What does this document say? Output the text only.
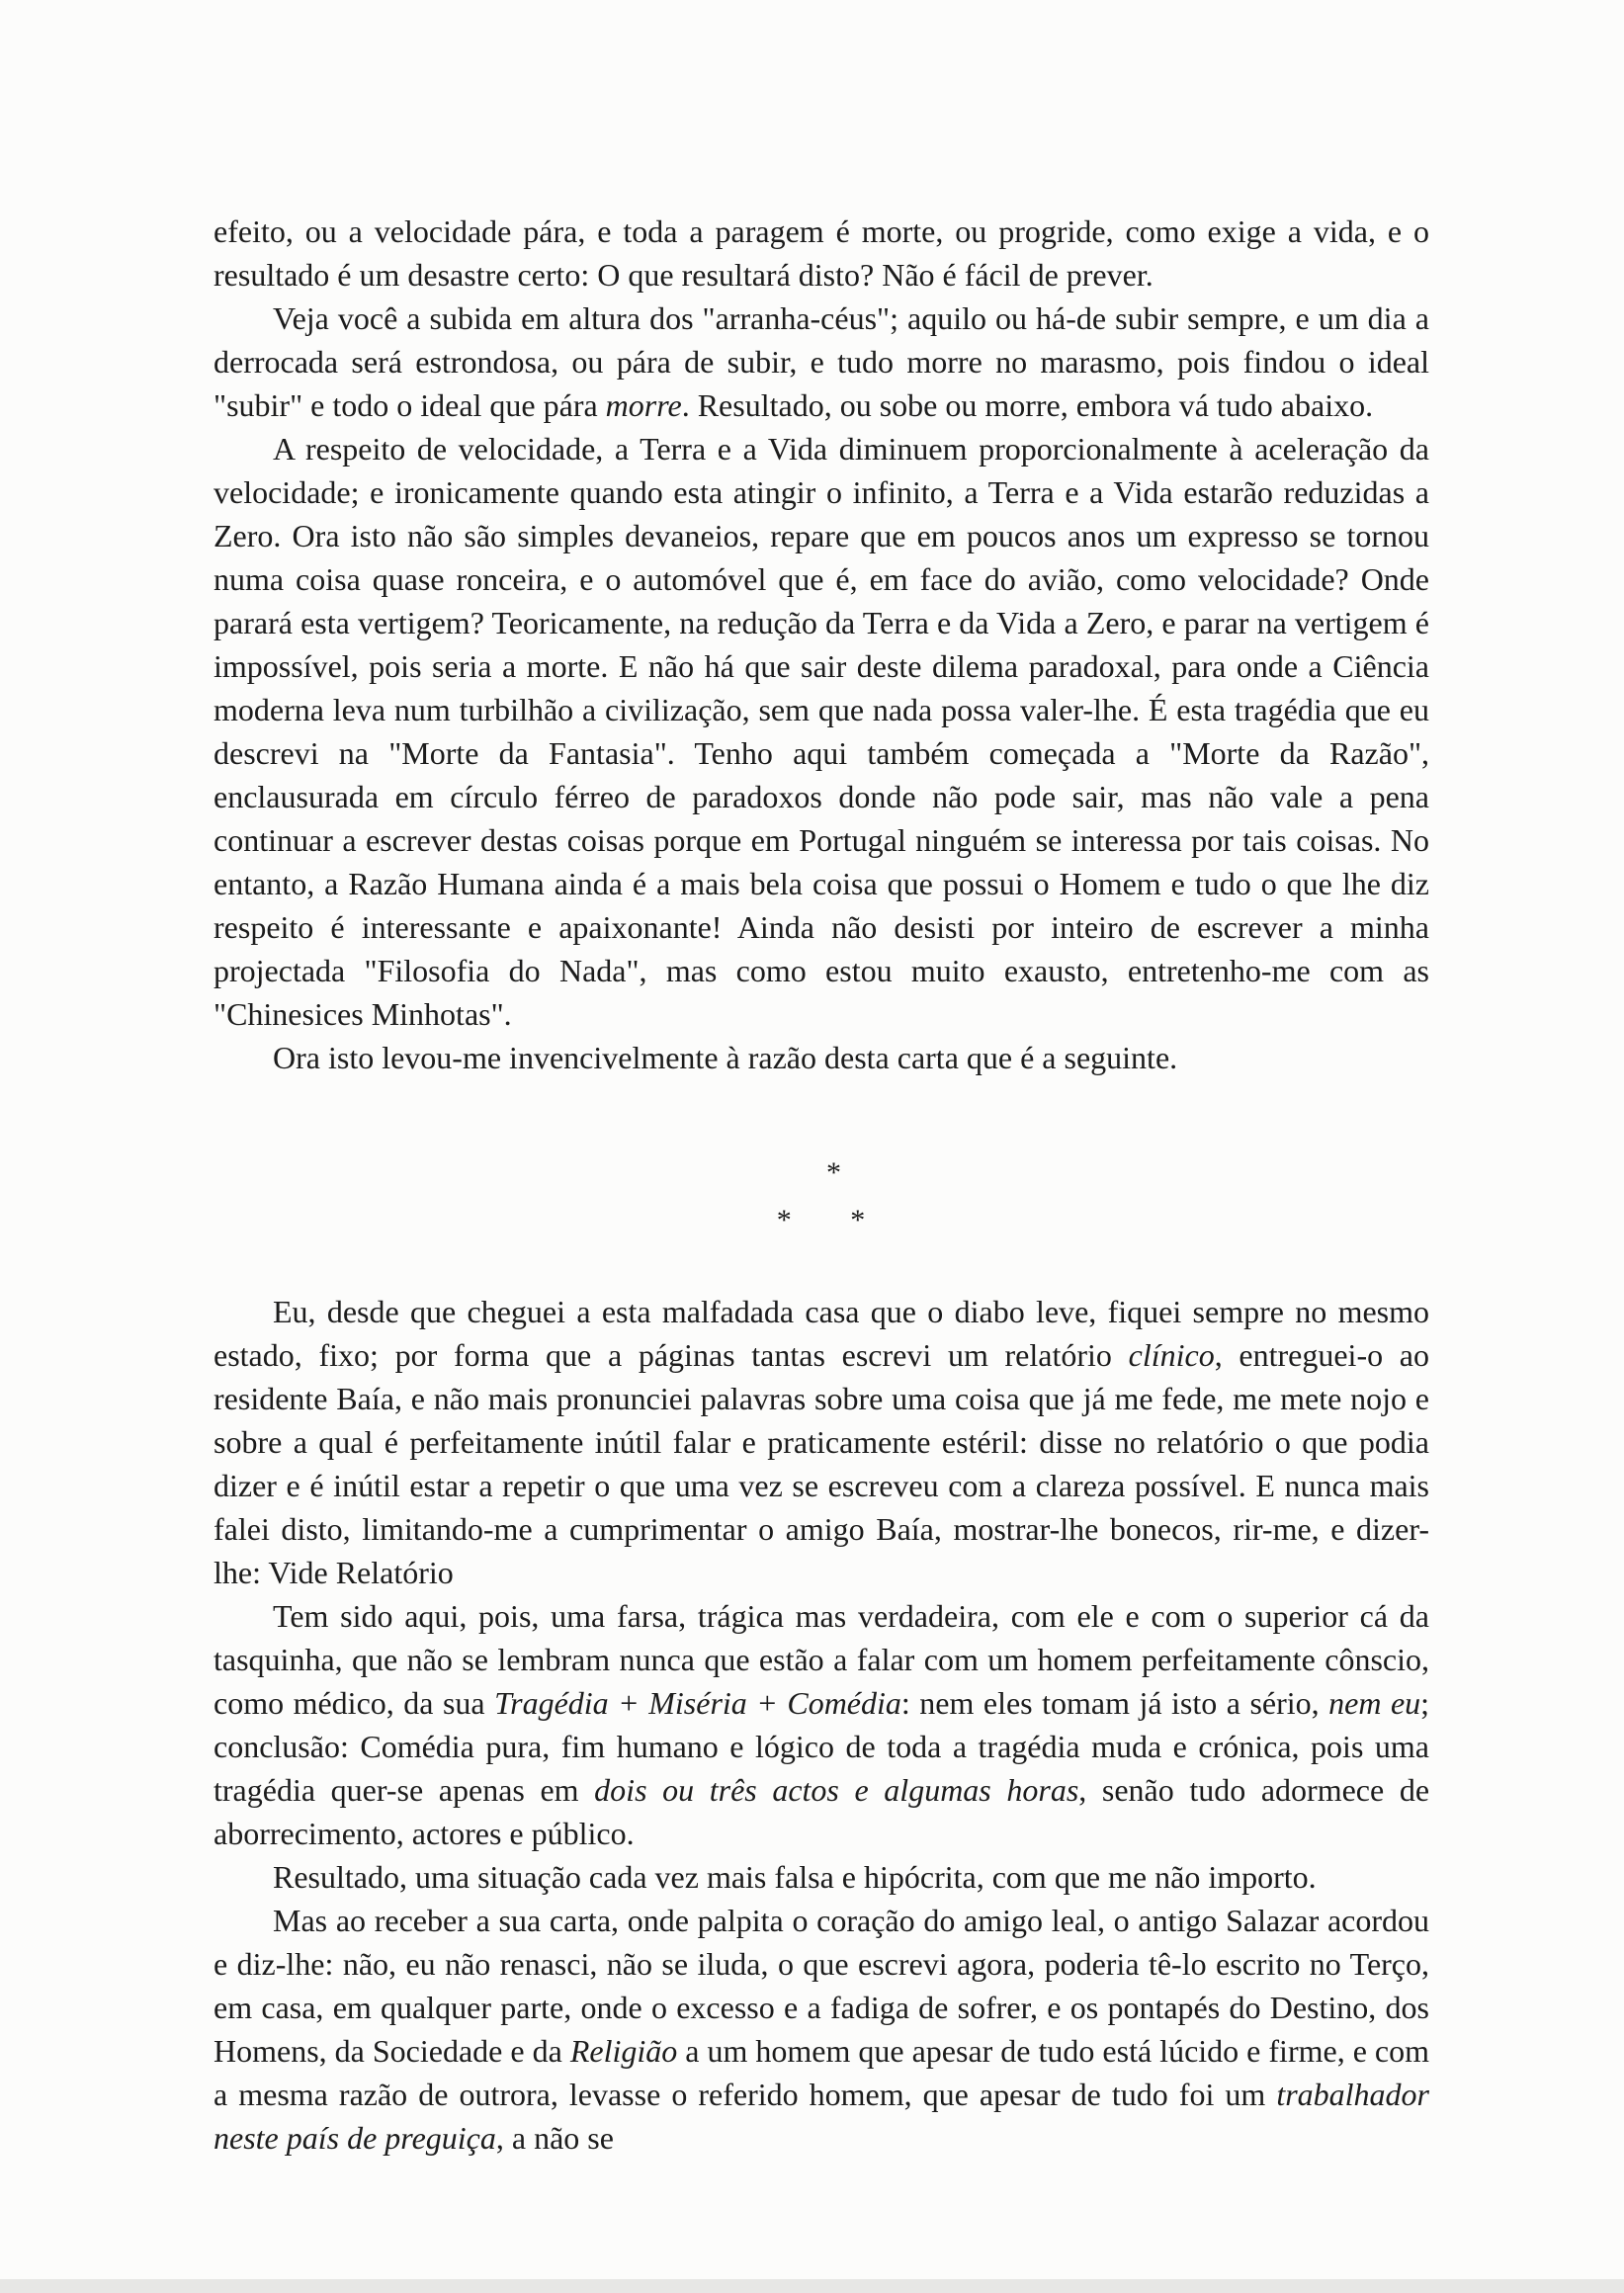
efeito, ou a velocidade pára, e toda a paragem é morte, ou progride, como exige a vida, e o resultado é um desastre certo: O que resultará disto? Não é fácil de prever.

Veja você a subida em altura dos "arranha-céus"; aquilo ou há-de subir sempre, e um dia a derrocada será estrondosa, ou pára de subir, e tudo morre no marasmo, pois findou o ideal "subir" e todo o ideal que pára morre. Resultado, ou sobe ou morre, embora vá tudo abaixo.

A respeito de velocidade, a Terra e a Vida diminuem proporcionalmente à aceleração da velocidade; e ironicamente quando esta atingir o infinito, a Terra e a Vida estarão reduzidas a Zero. Ora isto não são simples devaneios, repare que em poucos anos um expresso se tornou numa coisa quase ronceira, e o automóvel que é, em face do avião, como velocidade? Onde parará esta vertigem? Teoricamente, na redução da Terra e da Vida a Zero, e parar na vertigem é impossível, pois seria a morte. E não há que sair deste dilema paradoxal, para onde a Ciência moderna leva num turbilhão a civilização, sem que nada possa valer-lhe. É esta tragédia que eu descrevi na "Morte da Fantasia". Tenho aqui também começada a "Morte da Razão", enclausurada em círculo férreo de paradoxos donde não pode sair, mas não vale a pena continuar a escrever destas coisas porque em Portugal ninguém se interessa por tais coisas. No entanto, a Razão Humana ainda é a mais bela coisa que possui o Homem e tudo o que lhe diz respeito é interessante e apaixonante! Ainda não desisti por inteiro de escrever a minha projectada "Filosofia do Nada", mas como estou muito exausto, entretenho-me com as "Chinesices Minhotas".

Ora isto levou-me invencivelmente à razão desta carta que é a seguinte.

*
* *

Eu, desde que cheguei a esta malfadada casa que o diabo leve, fiquei sempre no mesmo estado, fixo; por forma que a páginas tantas escrevi um relatório clínico, entreguei-o ao residente Baía, e não mais pronunciei palavras sobre uma coisa que já me fede, me mete nojo e sobre a qual é perfeitamente inútil falar e praticamente estéril: disse no relatório o que podia dizer e é inútil estar a repetir o que uma vez se escreveu com a clareza possível. E nunca mais falei disto, limitando-me a cumprimentar o amigo Baía, mostrar-lhe bonecos, rir-me, e dizer-lhe: Vide Relatório

Tem sido aqui, pois, uma farsa, trágica mas verdadeira, com ele e com o superior cá da tasquinha, que não se lembram nunca que estão a falar com um homem perfeitamente cônscio, como médico, da sua Tragédia + Miséria + Comédia: nem eles tomam já isto a sério, nem eu; conclusão: Comédia pura, fim humano e lógico de toda a tragédia muda e crónica, pois uma tragédia quer-se apenas em dois ou três actos e algumas horas, senão tudo adormece de aborrecimento, actores e público.

Resultado, uma situação cada vez mais falsa e hipócrita, com que me não importo.

Mas ao receber a sua carta, onde palpita o coração do amigo leal, o antigo Salazar acordou e diz-lhe: não, eu não renasci, não se iluda, o que escrevi agora, poderia tê-lo escrito no Terço, em casa, em qualquer parte, onde o excesso e a fadiga de sofrer, e os pontapés do Destino, dos Homens, da Sociedade e da Religião a um homem que apesar de tudo está lúcido e firme, e com a mesma razão de outrora, levasse o referido homem, que apesar de tudo foi um trabalhador neste país de preguiça, a não se
